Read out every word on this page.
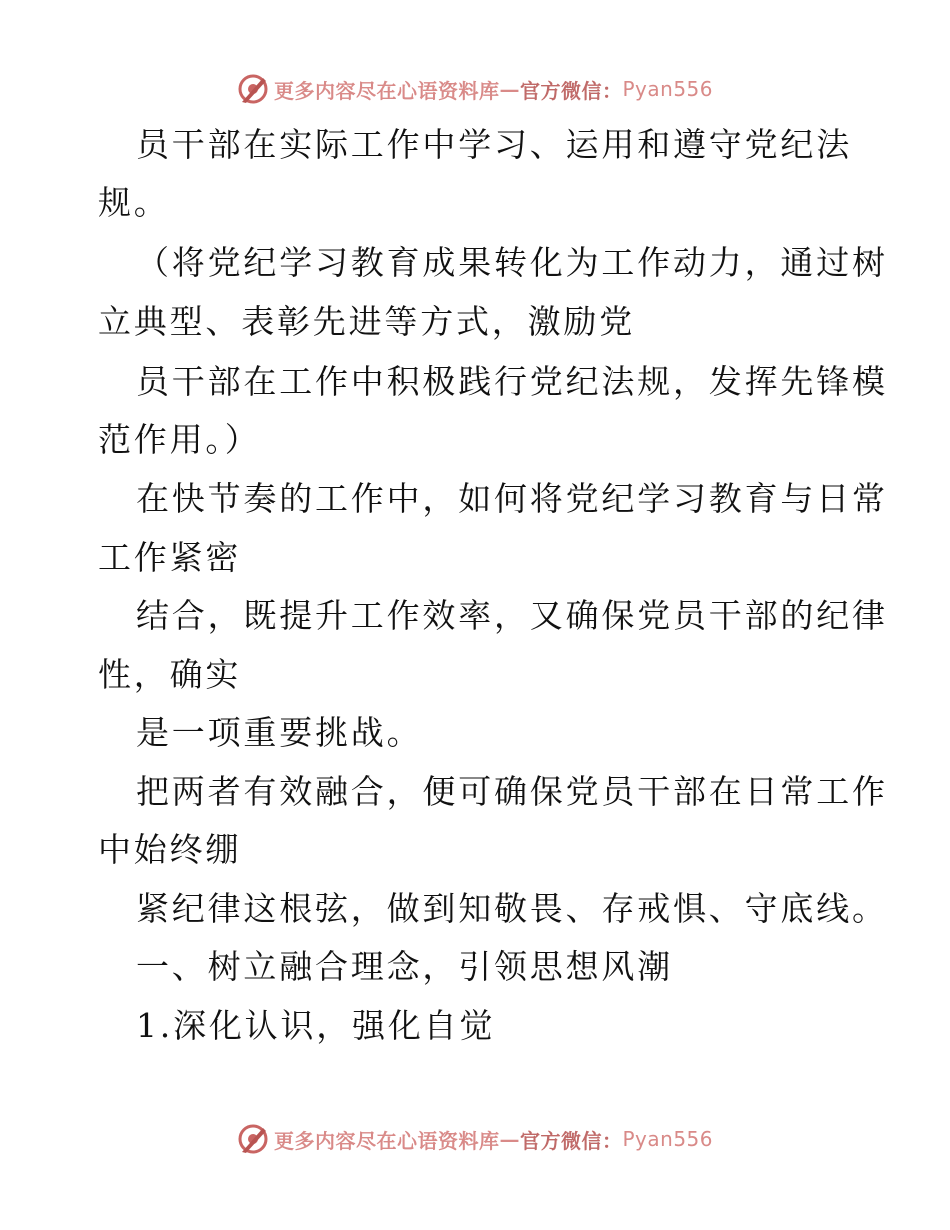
更多内容尽在心语资料库 — 官方微信： Pyan556
员干部在实际工作中学习、运用和遵守党纪法
规。
（将党纪学习教育成果转化为工作动力，通过树
立典型、表彰先进等方式，激励党
员干部在工作中积极践行党纪法规，发挥先锋模
范作用。）
在快节奏的工作中，如何将党纪学习教育与日常
工作紧密
结合，既提升工作效率，又确保党员干部的纪律
性，确实
是一项重要挑战。
把两者有效融合，便可确保党员干部在日常工作
中始终绷
紧纪律这根弦，做到知敬畏、存戒惧、守底线。
一、树立融合理念，引领思想风潮
1.深化认识，强化自觉
更多内容尽在心语资料库 — 官方微信： Pyan556
